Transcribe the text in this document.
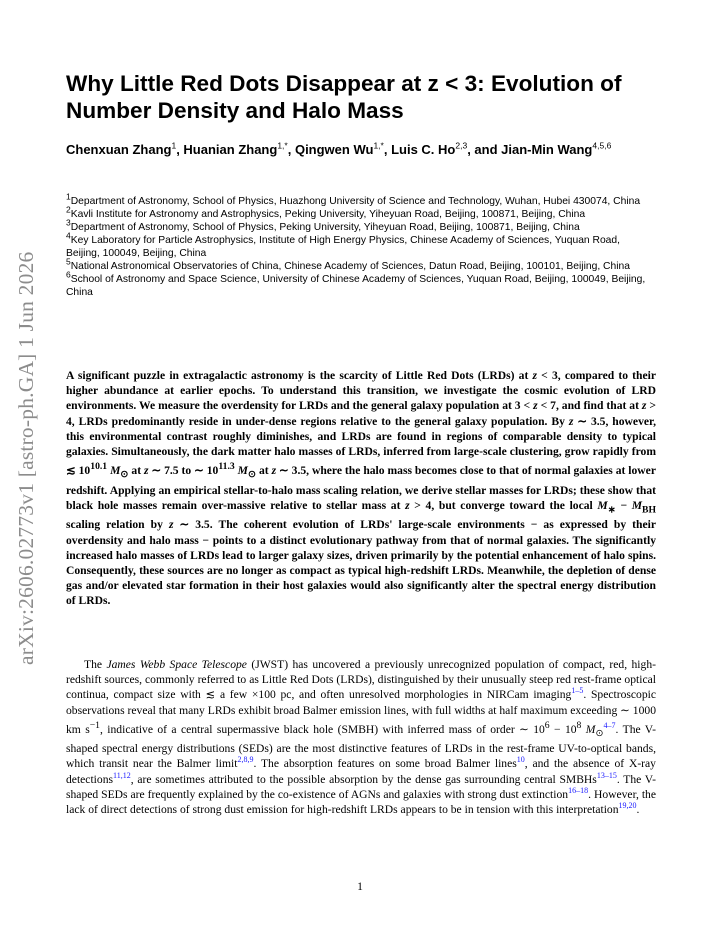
arXiv:2606.02773v1 [astro-ph.GA] 1 Jun 2026
Why Little Red Dots Disappear at z < 3: Evolution of Number Density and Halo Mass
Chenxuan Zhang$^1$, Huanian Zhang$^{1,*}$, Qingwen $Wu^{1,*}$, Luis C. Ho$^{2,3}$, and Jian-Min Wang$^{4,5,6}$

$^1$Department of Astronomy, School of Physics, Huazhong University of Science and Technology, Wuhan, Hubei 430074, China

$^2$Kavli Institute for Astronomy and Astrophysics, Peking University, Yiheyuan Road, Beijing, 100871, Beijing, China

$^3$Department of Astronomy, School of Physics, Peking University, Yiheyuan Road, Beijing, 100871, Beijing, China

$^4$Key Laboratory for Particle Astrophysics, Institute of High Energy Physics, Chinese Academy of Sciences, Yuquan Road, Beijing, 100049, Beijing, China

$^5$National Astronomical Observatories of China, Chinese Academy of Sciences, Datun Road, Beijing, 100101, Beijing, China

$^6$School of Astronomy and Space Science, University of Chinese Academy of Sciences, Yuquan Road, Beijing, 100049, Beijing, China

A significant puzzle in extragalactic astronomy is the scarcity of Little Red Dots (LRDs) at z < 3, compared to their higher abundance at earlier epochs. To understand this transition, we investigate the cosmic evolution of LRD environments. We measure the overdensity for LRDs and the general galaxy population at 3 < z < 7, and find that at z > 4, LRDs predominantly reside in under-dense regions relative to the general galaxy population. By z ∼ 3.5, however, this environmental contrast roughly diminishes, and LRDs are found in regions of comparable density to typical galaxies. Simultaneously, the dark matter halo masses of LRDs, inferred from large-scale clustering, grow rapidly from ≲ $10^{10.1}$ $M_⊙$ at z ∼ 7.5 to ∼ $10^{11.3}$ $M_⊙$ at z ∼ 3.5, where the halo mass becomes close to that of normal galaxies at lower redshift. Applying an empirical stellar-to-halo mass scaling relation, we derive stellar masses for LRDs; these show that black hole masses remain over-massive relative to stellar mass at z > 4, but converge toward the local $M_∗ - M_{BH}$ scaling relation by z ∼ 3.5. The coherent evolution of LRDs' large-scale environments − as expressed by their overdensity and halo mass − points to a distinct evolutionary pathway from that of normal galaxies. The significantly increased halo masses of LRDs lead to larger galaxy sizes, driven primarily by the potential enhancement of halo spins. Consequently, these sources are no longer as compact as typical high-redshift LRDs. Meanwhile, the depletion of dense gas and/or elevated star formation in their host galaxies would also significantly alter the spectral energy distribution of LRDs.

The James Webb Space Telescope (JWST) has uncovered a previously unrecognized population of compact, red, high-redshift sources, commonly referred to as Little Red Dots (LRDs), distinguished by their unusually steep red rest-frame optical continua, compact size with ≲ a few ×100 pc, and often unresolved morphologies in NIRCam imaging$^{1-5}$. Spectroscopic observations reveal that many LRDs exhibit broad Balmer emission lines, with full widths at half maximum exceeding ∼ 1000 km $s^{-1}$, indicative of a central supermassive black hole (SMBH) with inferred mass of order ∼ $10^6 - 10^8$ $M_⊙^{4-7}$. The V-shaped spectral energy distributions (SEDs) are the most distinctive features of LRDs in the rest-frame UV-to-optical bands, which transit near the Balmer limit$^{2,8,9}$. The absorption features on some broad Balmer lines$^{10}$, and the absence of X-ray detections$^{11,12}$, are sometimes attributed to the possible absorption by the dense gas surrounding central SMBHs$^{13-15}$. The V-shaped SEDs are frequently explained by the co-existence of AGNs and galaxies with strong dust extinction$^{16-18}$. However, the lack of direct detections of strong dust emission for high-redshift LRDs appears to be in tension with this interpretation$^{19,20}$.

1
